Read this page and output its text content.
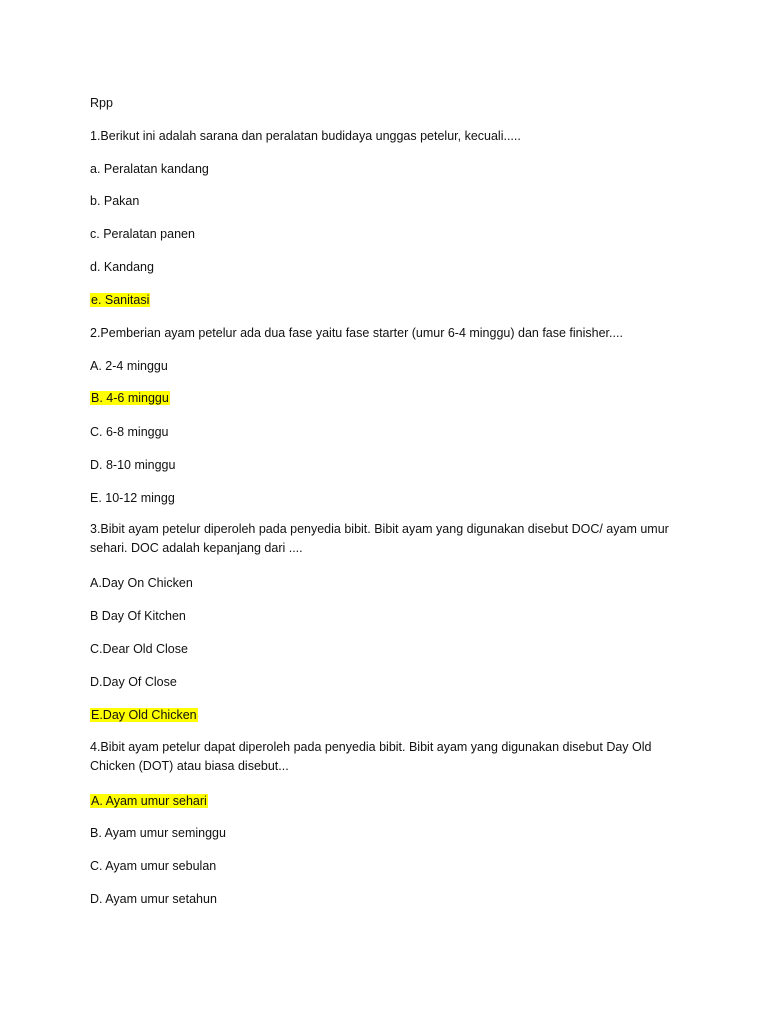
Rpp
1.Berikut ini adalah sarana dan peralatan budidaya unggas petelur, kecuali.....
a. Peralatan kandang
b. Pakan
c. Peralatan panen
d. Kandang
e. Sanitasi
2.Pemberian ayam petelur ada dua fase yaitu fase starter (umur 6-4 minggu) dan fase finisher....
A. 2-4 minggu
B. 4-6 minggu
C. 6-8 minggu
D. 8-10 minggu
E. 10-12 mingg
3.Bibit ayam petelur diperoleh pada penyedia bibit. Bibit ayam yang digunakan disebut DOC/ ayam umur sehari. DOC adalah kepanjang dari ....
A.Day On Chicken
B Day Of Kitchen
C.Dear Old Close
D.Day Of Close
E.Day Old Chicken
4.Bibit ayam petelur dapat diperoleh pada penyedia bibit. Bibit ayam yang digunakan disebut Day Old Chicken (DOT) atau biasa disebut...
A. Ayam umur sehari
B. Ayam umur seminggu
C. Ayam umur sebulan
D. Ayam umur setahun
